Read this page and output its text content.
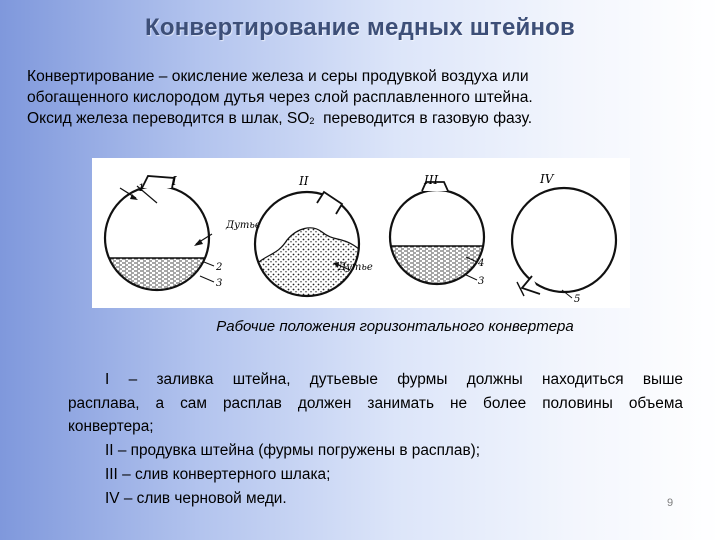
Конвертирование медных штейнов
Конвертирование – окисление железа и серы продувкой воздуха или
обогащенного кислородом дутья через слой расплавленного штейна.
Оксид железа переводится в шлак, SO2  переводится в газовую фазу.
I
1
Дутье
2
3
II
Дутье
III
4
3
IV
5
Рабочие положения горизонтального конвертера
I – заливка штейна, дутьевые фурмы должны находиться выше
расплава, а сам расплав должен занимать не более половины объема
конвертера;
II – продувка штейна (фурмы погружены в расплав);
III – слив конвертерного шлака;
IV – слив черновой меди.	9
